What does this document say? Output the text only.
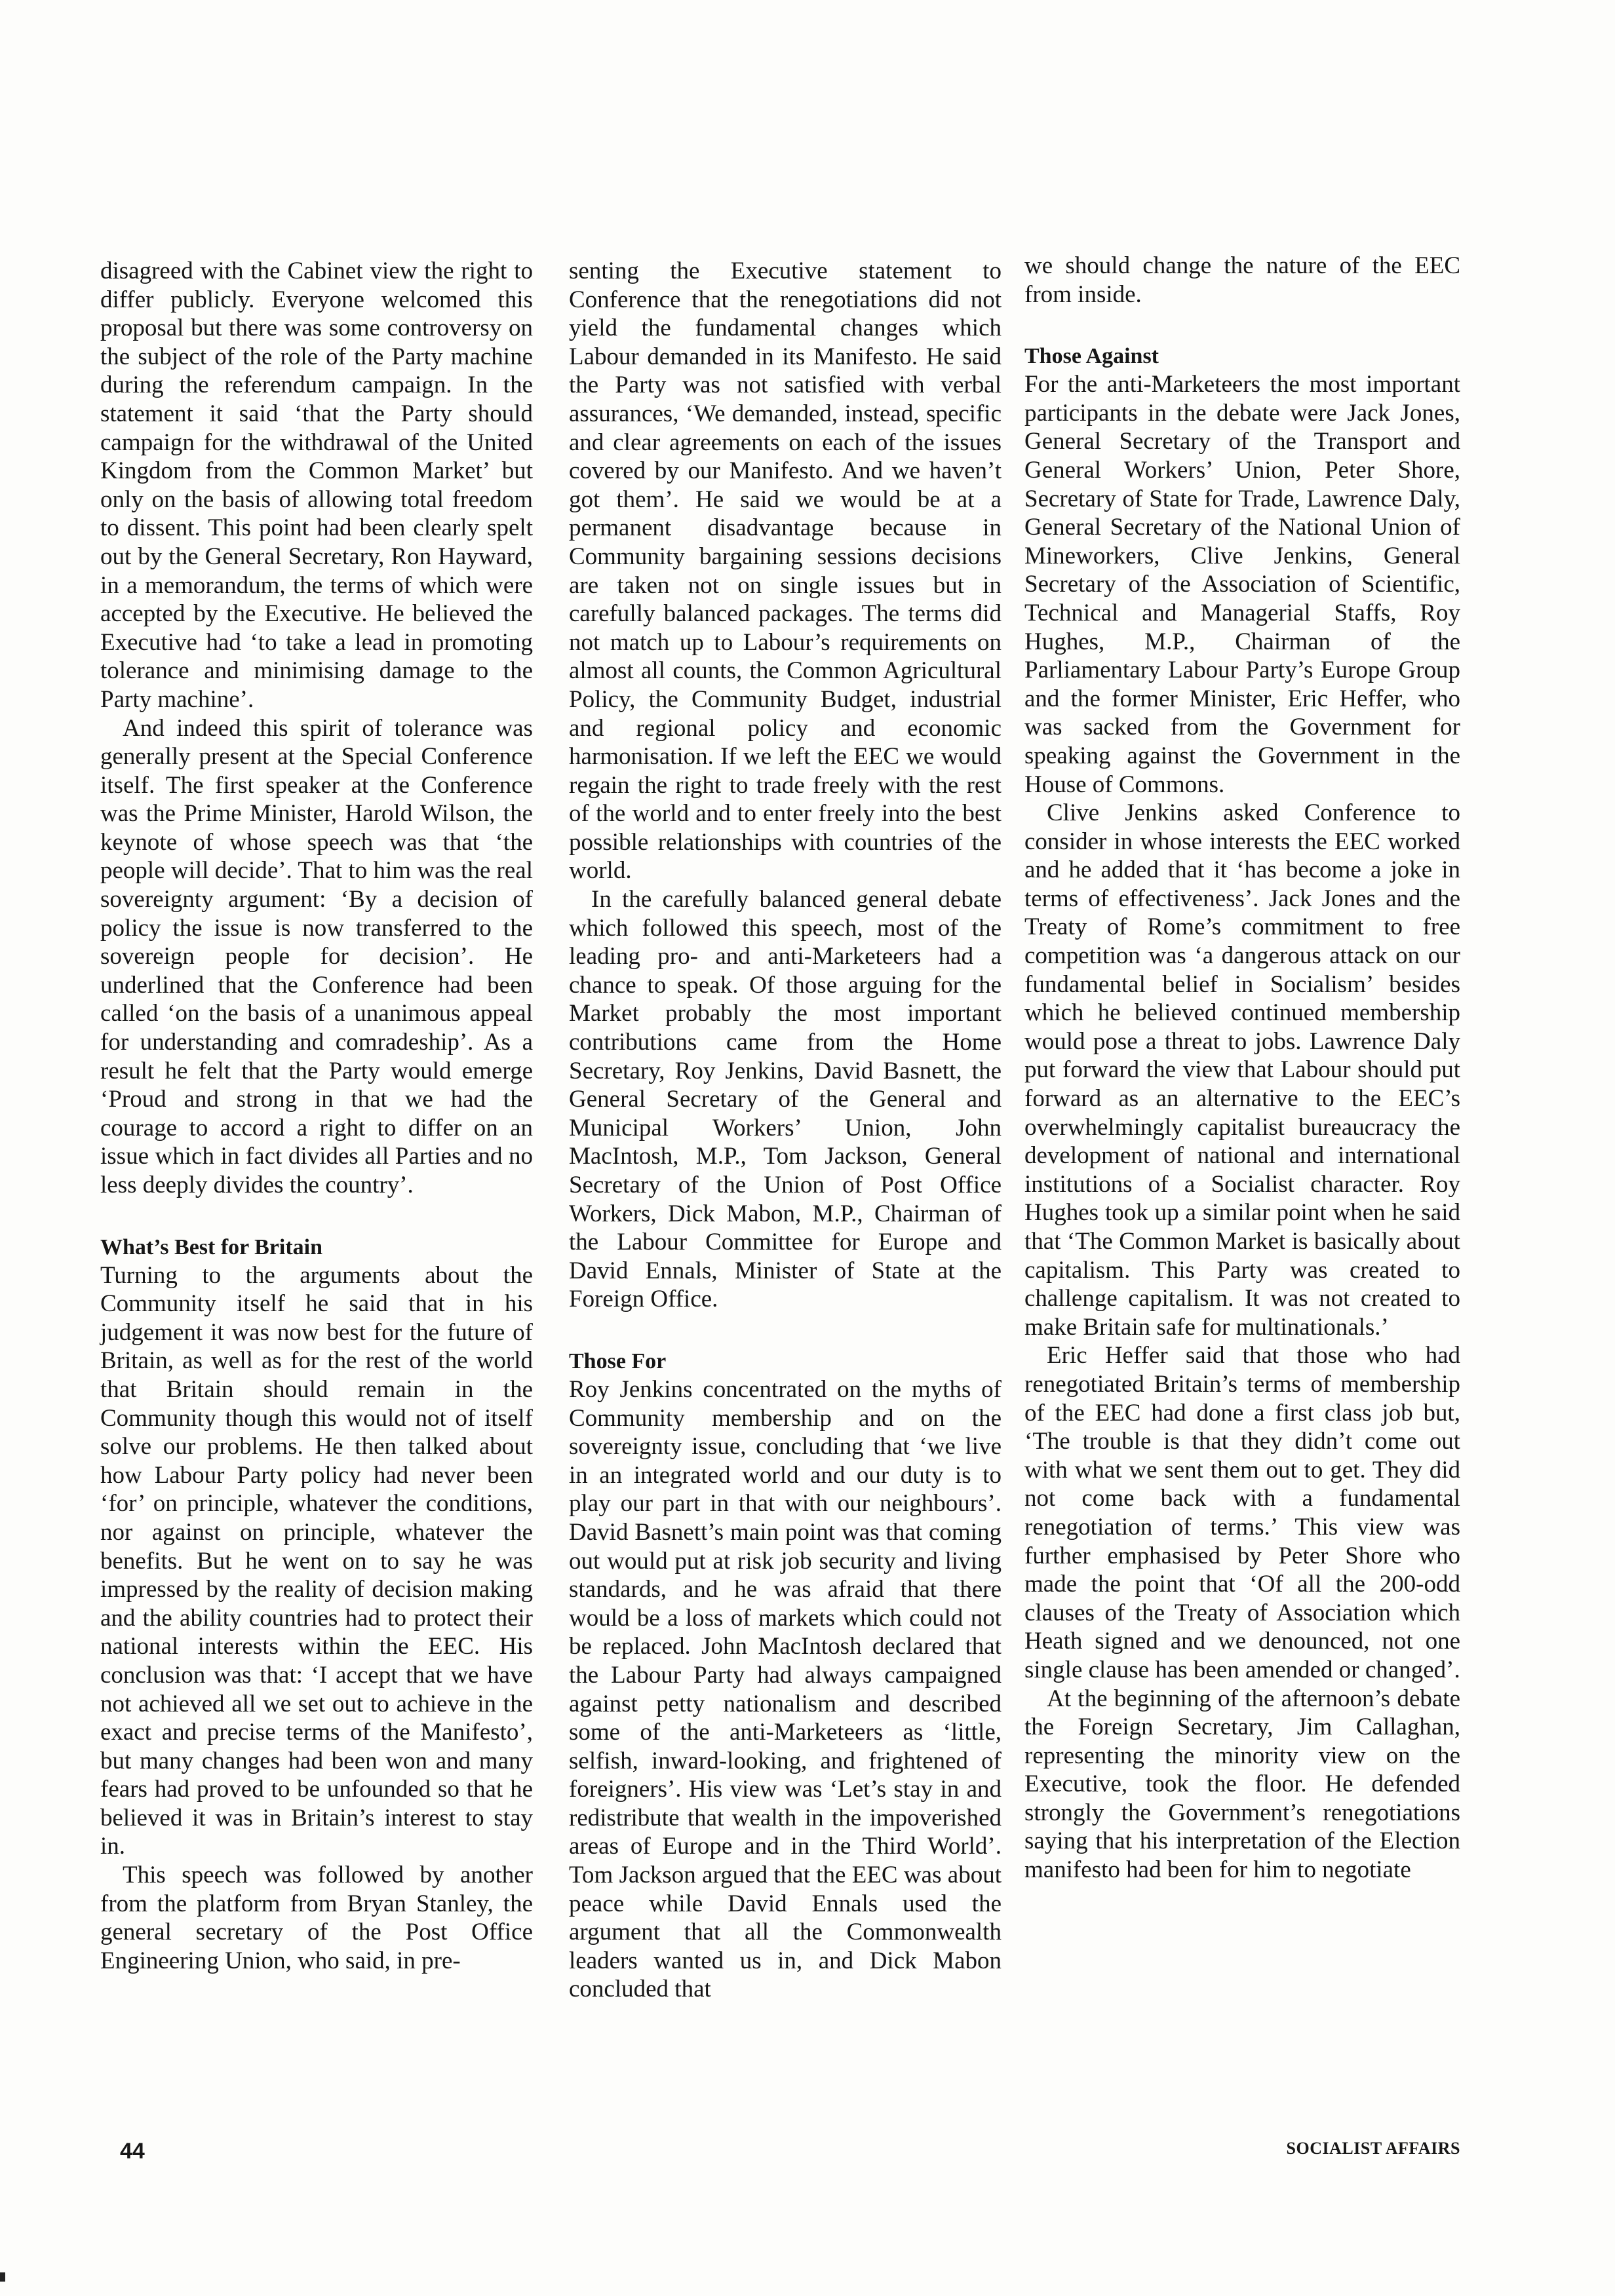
disagreed with the Cabinet view the right to differ publicly. Everyone welcomed this proposal but there was some controversy on the subject of the role of the Party machine during the referendum campaign. In the statement it said ‘that the Party should campaign for the withdrawal of the United Kingdom from the Common Market’ but only on the basis of allowing total freedom to dissent. This point had been clearly spelt out by the General Secretary, Ron Hayward, in a memorandum, the terms of which were accepted by the Executive. He believed the Executive had ‘to take a lead in promoting tolerance and minimising damage to the Party machine’.

And indeed this spirit of tolerance was generally present at the Special Conference itself. The first speaker at the Conference was the Prime Minister, Harold Wilson, the keynote of whose speech was that ‘the people will decide’. That to him was the real sovereignty argument: ‘By a decision of policy the issue is now transferred to the sovereign people for decision’. He underlined that the Conference had been called ‘on the basis of a unanimous appeal for understanding and comradeship’. As a result he felt that the Party would emerge ‘Proud and strong in that we had the courage to accord a right to differ on an issue which in fact divides all Parties and no less deeply divides the country’.

What’s Best for Britain

Turning to the arguments about the Community itself he said that in his judgement it was now best for the future of Britain, as well as for the rest of the world that Britain should remain in the Community though this would not of itself solve our problems. He then talked about how Labour Party policy had never been ‘for’ on principle, whatever the conditions, nor against on principle, whatever the benefits. But he went on to say he was impressed by the reality of decision making and the ability countries had to protect their national interests within the EEC. His conclusion was that: ‘I accept that we have not achieved all we set out to achieve in the exact and precise terms of the Manifesto’, but many changes had been won and many fears had proved to be unfounded so that he believed it was in Britain’s interest to stay in.

This speech was followed by another from the platform from Bryan Stanley, the general secretary of the Post Office Engineering Union, who said, in pre-

senting the Executive statement to Conference that the renegotiations did not yield the fundamental changes which Labour demanded in its Manifesto. He said the Party was not satisfied with verbal assurances, ‘We demanded, instead, specific and clear agreements on each of the issues covered by our Manifesto. And we haven’t got them’. He said we would be at a permanent disadvantage because in Community bargaining sessions decisions are taken not on single issues but in carefully balanced packages. The terms did not match up to Labour’s requirements on almost all counts, the Common Agricultural Policy, the Community Budget, industrial and regional policy and economic harmonisation. If we left the EEC we would regain the right to trade freely with the rest of the world and to enter freely into the best possible relationships with countries of the world.

In the carefully balanced general debate which followed this speech, most of the leading pro- and anti-Marketeers had a chance to speak. Of those arguing for the Market probably the most important contributions came from the Home Secretary, Roy Jenkins, David Basnett, the General Secretary of the General and Municipal Workers’ Union, John MacIntosh, M.P., Tom Jackson, General Secretary of the Union of Post Office Workers, Dick Mabon, M.P., Chairman of the Labour Committee for Europe and David Ennals, Minister of State at the Foreign Office.

Those For

Roy Jenkins concentrated on the myths of Community membership and on the sovereignty issue, concluding that ‘we live in an integrated world and our duty is to play our part in that with our neighbours’. David Basnett’s main point was that coming out would put at risk job security and living standards, and he was afraid that there would be a loss of markets which could not be replaced. John MacIntosh declared that the Labour Party had always campaigned against petty nationalism and described some of the anti-Marketeers as ‘little, selfish, inward-looking, and frightened of foreigners’. His view was ‘Let’s stay in and redistribute that wealth in the impoverished areas of Europe and in the Third World’. Tom Jackson argued that the EEC was about peace while David Ennals used the argument that all the Commonwealth leaders wanted us in, and Dick Mabon concluded that

we should change the nature of the EEC from inside.

Those Against

For the anti-Marketeers the most important participants in the debate were Jack Jones, General Secretary of the Transport and General Workers’ Union, Peter Shore, Secretary of State for Trade, Lawrence Daly, General Secretary of the National Union of Mineworkers, Clive Jenkins, General Secretary of the Association of Scientific, Technical and Managerial Staffs, Roy Hughes, M.P., Chairman of the Parliamentary Labour Party’s Europe Group and the former Minister, Eric Heffer, who was sacked from the Government for speaking against the Government in the House of Commons.

Clive Jenkins asked Conference to consider in whose interests the EEC worked and he added that it ‘has become a joke in terms of effectiveness’. Jack Jones and the Treaty of Rome’s commitment to free competition was ‘a dangerous attack on our fundamental belief in Socialism’ besides which he believed continued membership would pose a threat to jobs. Lawrence Daly put forward the view that Labour should put forward as an alternative to the EEC’s overwhelmingly capitalist bureaucracy the development of national and international institutions of a Socialist character. Roy Hughes took up a similar point when he said that ‘The Common Market is basically about capitalism. This Party was created to challenge capitalism. It was not created to make Britain safe for multinationals.’

Eric Heffer said that those who had renegotiated Britain’s terms of membership of the EEC had done a first class job but, ‘The trouble is that they didn’t come out with what we sent them out to get. They did not come back with a fundamental renegotiation of terms.’ This view was further emphasised by Peter Shore who made the point that ‘Of all the 200-odd clauses of the Treaty of Association which Heath signed and we denounced, not one single clause has been amended or changed’.

At the beginning of the afternoon’s debate the Foreign Secretary, Jim Callaghan, representing the minority view on the Executive, took the floor. He defended strongly the Government’s renegotiations saying that his interpretation of the Election manifesto had been for him to negotiate

44	SOCIALIST AFFAIRS
